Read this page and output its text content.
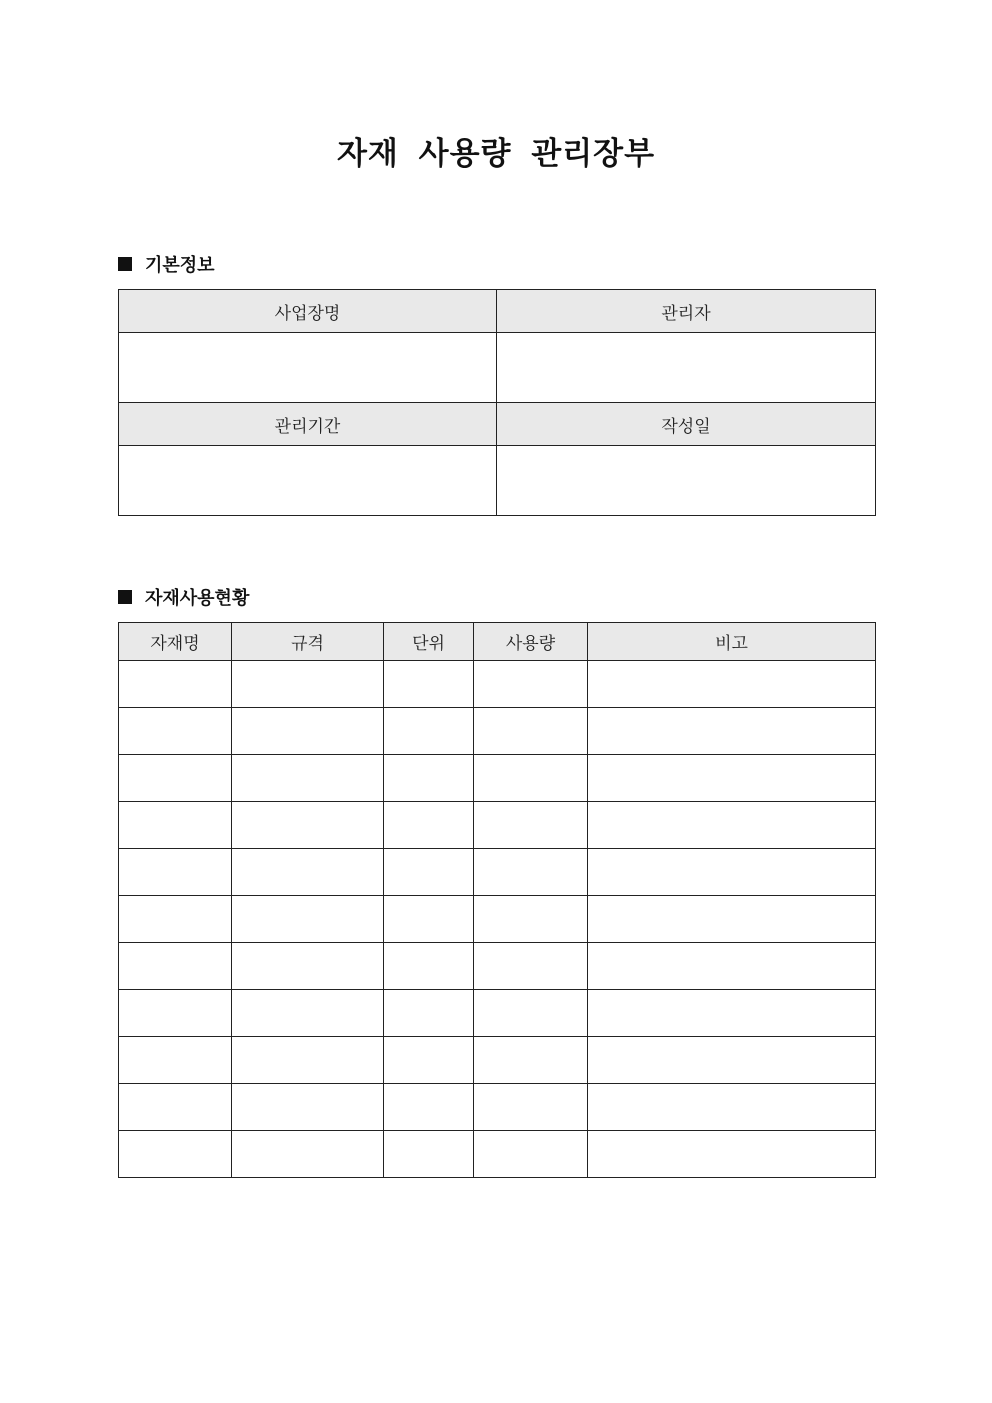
자재 사용량 관리장부
기본정보
사업장명	관리자

관리기간	작성일

자재사용현황
자재명	규격	단위	사용량	비고
